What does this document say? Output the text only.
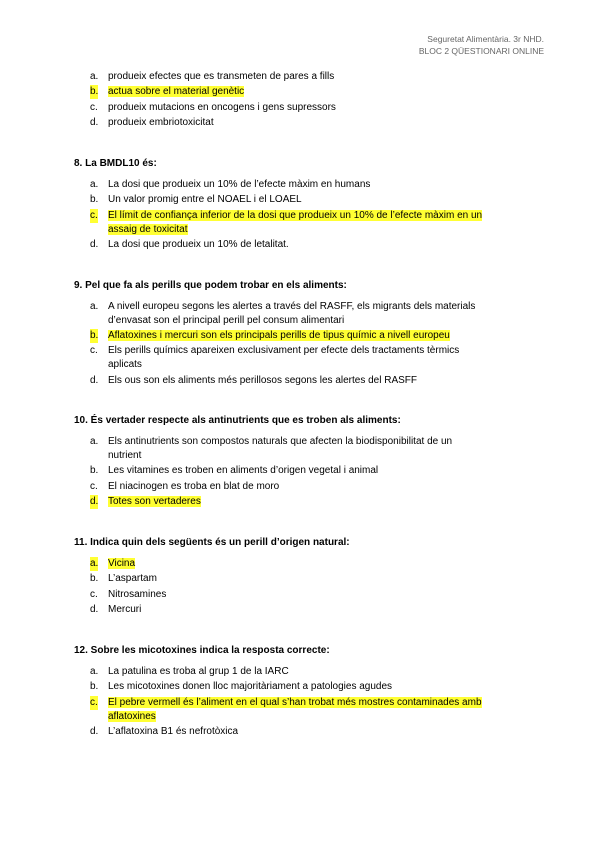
Seguretat Alimentària. 3r NHD.
BLOC 2 QÜESTIONARI ONLINE
a. produeix efectes que es transmeten de pares a fills
b. actua sobre el material genètic
c. produeix mutacions en oncogens i gens supressors
d. produeix embriotoxicitat
8. La BMDL10 és:
a. La dosi que produeix un 10% de l’efecte màxim en humans
b. Un valor promig entre el NOAEL i el LOAEL
c. El límit de confiança inferior de la dosi que produeix un 10% de l’efecte màxim en un
assaig de toxicitat
d. La dosi que produeix un 10% de letalitat.
9. Pel que fa als perills que podem trobar en els aliments:
a. A nivell europeu segons les alertes a través del RASFF, els migrants dels materials
d’envasat son el principal perill pel consum alimentari
b. Aflatoxines i mercuri son els principals perills de tipus químic a nivell europeu
c. Els perills químics apareixen exclusivament per efecte dels tractaments tèrmics
aplicats
d. Els ous son els aliments més perillosos segons les alertes del RASFF
10. És vertader respecte als antinutrients que es troben als aliments:
a. Els antinutrients son compostos naturals que afecten la biodisponibilitat de un
nutrient
b. Les vitamines es troben en aliments d’origen vegetal i animal
c. El niacinogen es troba en blat de moro
d. Totes son vertaderes
11. Indica quin dels següents és un perill d’origen natural:
a. Vicina
b. L’aspartam
c. Nitrosamines
d. Mercuri
12. Sobre les micotoxines indica la resposta correcte:
a. La patulina es troba al grup 1 de la IARC
b. Les micotoxines donen lloc majoritàriament a patologies agudes
c. El pebre vermell és l’aliment en el qual s’han trobat més mostres contaminades amb
aflatoxines
d. L’aflatoxina B1 és nefrotòxica
